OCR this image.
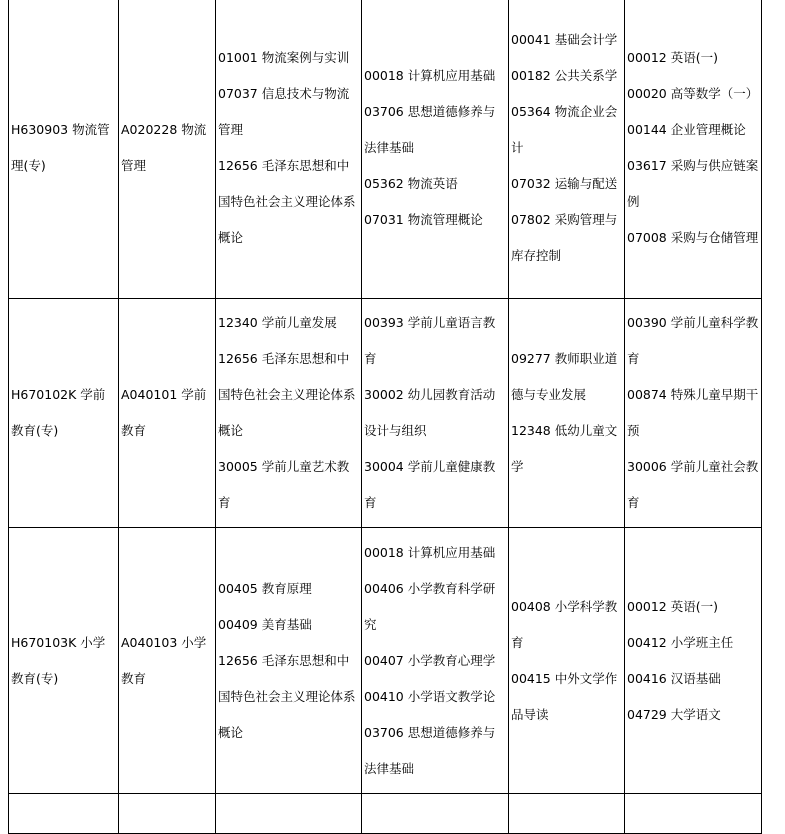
H630903 物流管理(专)	A020228 物流管理	01001 物流案例与实训
07037 信息技术与物流管理
12656 毛泽东思想和中国特色社会主义理论体系概论	00018 计算机应用基础
03706 思想道德修养与法律基础
05362 物流英语
07031 物流管理概论	00041 基础会计学
00182 公共关系学
05364 物流企业会计
07032 运输与配送
07802 采购管理与库存控制	00012 英语(一)
00020 高等数学（一）
00144 企业管理概论
03617 采购与供应链案例
07008 采购与仓储管理

H670102K 学前教育(专)	A040101 学前教育	12340 学前儿童发展
12656 毛泽东思想和中国特色社会主义理论体系概论
30005 学前儿童艺术教育	00393 学前儿童语言教育
30002 幼儿园教育活动设计与组织
30004 学前儿童健康教育	09277 教师职业道德与专业发展
12348 低幼儿童文学	00390 学前儿童科学教育
00874 特殊儿童早期干预
30006 学前儿童社会教育

H670103K 小学教育(专)	A040103 小学教育	00405 教育原理
00409 美育基础
12656 毛泽东思想和中国特色社会主义理论体系概论	00018 计算机应用基础
00406 小学教育科学研究
00407 小学教育心理学
00410 小学语文教学论
03706 思想道德修养与法律基础	00408 小学科学教育
00415 中外文学作品导读	00012 英语(一)
00412 小学班主任
00416 汉语基础
04729 大学语文
